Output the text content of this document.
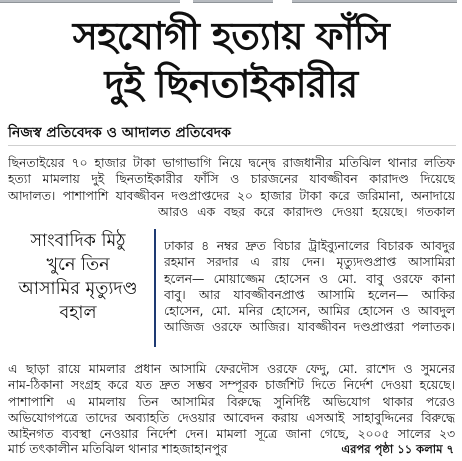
সহযোগী হত্যায় ফাঁসি
দুই ছিনতাইকারীর
নিজস্ব প্রতিবেদক ও আদালত প্রতিবেদক
ছিনতাইয়ের ৭০ হাজার টাকা ভাগাভাগি নিয়ে দ্বন্দ্বে রাজধানীর মতিঝিল থানার লতিফ
হত্যা মামলায় দুই ছিনতাইকারীর ফাঁসি ও চারজনের যাবজ্জীবন কারাদণ্ড দিয়েছে
আদালত। পাশাপাশি যাবজ্জীবন দণ্ডপ্রাপ্তদের ২০ হাজার টাকা করে জরিমানা, অনাদায়ে
আরও এক বছর করে কারাদণ্ড দেওয়া হয়েছে। গতকাল
সাংবাদিক মিঠু
খুনে তিন
আসামির মৃত্যুদণ্ড
বহাল
ঢাকার ৪ নম্বর দ্রুত বিচার ট্রাইব্যুনালের বিচারক আবদুর
রহমান সরদার এ রায় দেন। মৃত্যুদণ্ডপ্রাপ্ত আসামিরা
হলেন— মোয়াজ্জেম হোসেন ও মো. বাবু ওরফে কানা
বাবু। আর যাবজ্জীবনপ্রাপ্ত আসামি হলেন— আকির
হোসেন, মো. মনির হোসেন, আমির হোসেন ও আবদুল
আজিজ ওরফে আজির। যাবজ্জীবন দণ্ডপ্রাপ্তরা পলাতক।
এ ছাড়া রায়ে মামলার প্রধান আসামি ফেরদৌস ওরফে ফেদু, মো. রাশেদ ও সুমনের
নাম-ঠিকানা সংগ্রহ করে যত দ্রুত সম্ভব সম্পূরক চার্জশিট দিতে নির্দেশ দেওয়া হয়েছে।
পাশাপাশি এ মামলায় তিন আসামির বিরুদ্ধে সুনির্দিষ্ট অভিযোগ থাকার পরেও
অভিযোগপত্রে তাদের অব্যাহতি দেওয়ার আবেদন করায় এসআই সাহাবুদ্দিনের বিরুদ্ধে
আইনগত ব্যবস্থা নেওয়ার নির্দেশ দেন। মামলা সূত্রে জানা গেছে, ২০০৫ সালের ২৩
মার্চ তৎকালীন মতিঝিল থানার শাহজাহানপুর	এরপর পৃষ্ঠা ১১ কলাম ৭
